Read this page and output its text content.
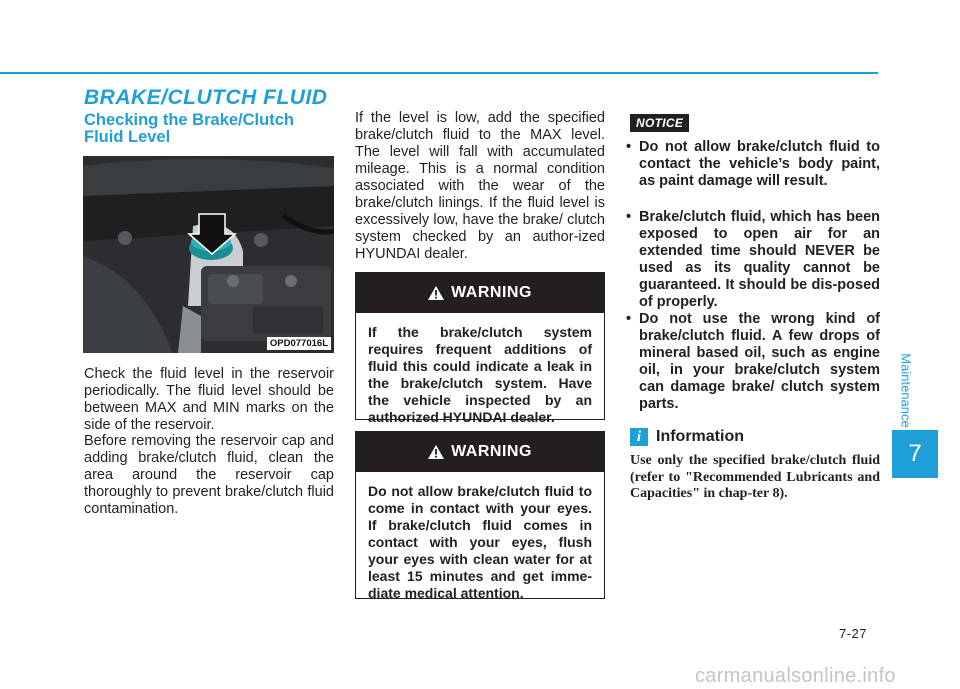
BRAKE/CLUTCH FLUID
Checking the Brake/Clutch Fluid Level
OPD077016L

Check the fluid level in the reservoir periodically. The fluid level should be between MAX and MIN marks on the side of the reservoir.

Before removing the reservoir cap and adding brake/clutch fluid, clean the area around the reservoir cap thoroughly to prevent brake/clutch fluid contamination.

If the level is low, add the specified brake/clutch fluid to the MAX level. The level will fall with accumulated mileage. This is a normal condition associated with the wear of the brake/clutch linings. If the fluid level is excessively low, have the brake/ clutch system checked by an author-ized HYUNDAI dealer.

WARNING
If the brake/clutch system requires frequent additions of fluid this could indicate a leak in the brake/clutch system. Have the vehicle inspected by an authorized HYUNDAI dealer.
WARNING
Do not allow brake/clutch fluid to come in contact with your eyes. If brake/clutch fluid comes in contact with your eyes, flush your eyes with clean water for at least 15 minutes and get imme-diate medical attention.
NOTICE
• Do not allow brake/clutch fluid to contact the vehicle’s body paint, as paint damage will result.
• Brake/clutch fluid, which has been exposed to open air for an extended time should NEVER be used as its quality cannot be guaranteed. It should be dis-posed of properly.
• Do not use the wrong kind of brake/clutch fluid. A few drops of mineral based oil, such as engine oil, in your brake/clutch system can damage brake/ clutch system parts.
i Information
Use only the specified brake/clutch fluid (refer to "Recommended Lubricants and Capacities" in chap-ter 8).
Maintenance
7
7-27
carmanualsonline.info
